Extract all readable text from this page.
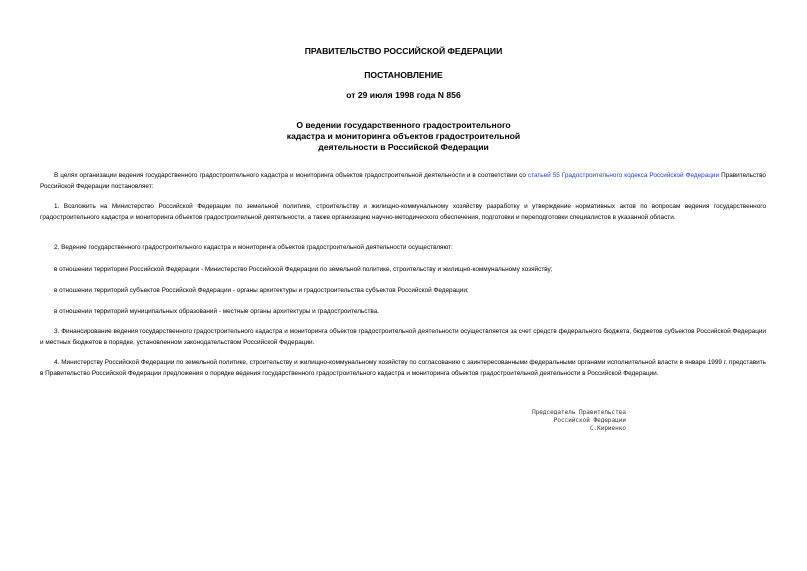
ПРАВИТЕЛЬСТВО РОССИЙСКОЙ ФЕДЕРАЦИИ
ПОСТАНОВЛЕНИЕ
от 29 июля 1998 года N 856
О ведении государственного градостроительного
кадастра и мониторинга объектов градостроительной
деятельности в Российской Федерации

В целях организации ведения государственного градостроительного кадастра и мониторинга объектов градостроительной деятельности и в соответствии со статьей 55 Градостроительного кодекса Российской Федерации Правительство Российской Федерации постановляет:

1. Возложить на Министерство Российской Федерации по земельной политике, строительству и жилищно-коммунальному хозяйству разработку и утверждение нормативных актов по вопросам ведения государственного градостроительного кадастра и мониторинга объектов градостроительной деятельности, а также организацию научно-методического обеспечения, подготовки и переподготовки специалистов в указанной области.

2. Ведение государственного градостроительного кадастра и мониторинга объектов градостроительной деятельности осуществляют:

в отношении территории Российской Федерации - Министерство Российской Федерации по земельной политике, строительству и жилищно-коммунальному хозяйству;

в отношении территорий субъектов Российской Федерации - органы архитектуры и градостроительства субъектов Российской Федерации;

в отношении территорий муниципальных образований - местные органы архитектуры и градостроительства.

3. Финансирование ведения государственного градостроительного кадастра и мониторинга объектов градостроительной деятельности осуществляется за счет средств федерального бюджета, бюджетов субъектов Российской Федерации и местных бюджетов в порядке, установленном законодательством Российской Федерации.

4. Министерству Российской Федерации по земельной политике, строительству и жилищно-коммунальному хозяйству по согласованию с заинтересованными федеральными органами исполнительной власти в январе 1999 г. представить в Правительство Российской Федерации предложения о порядке ведения государственного градостроительного кадастра и мониторинга объектов градостроительной деятельности в Российской Федерации.

Председатель Правительства
Российской Федерации
С.Кириенко
